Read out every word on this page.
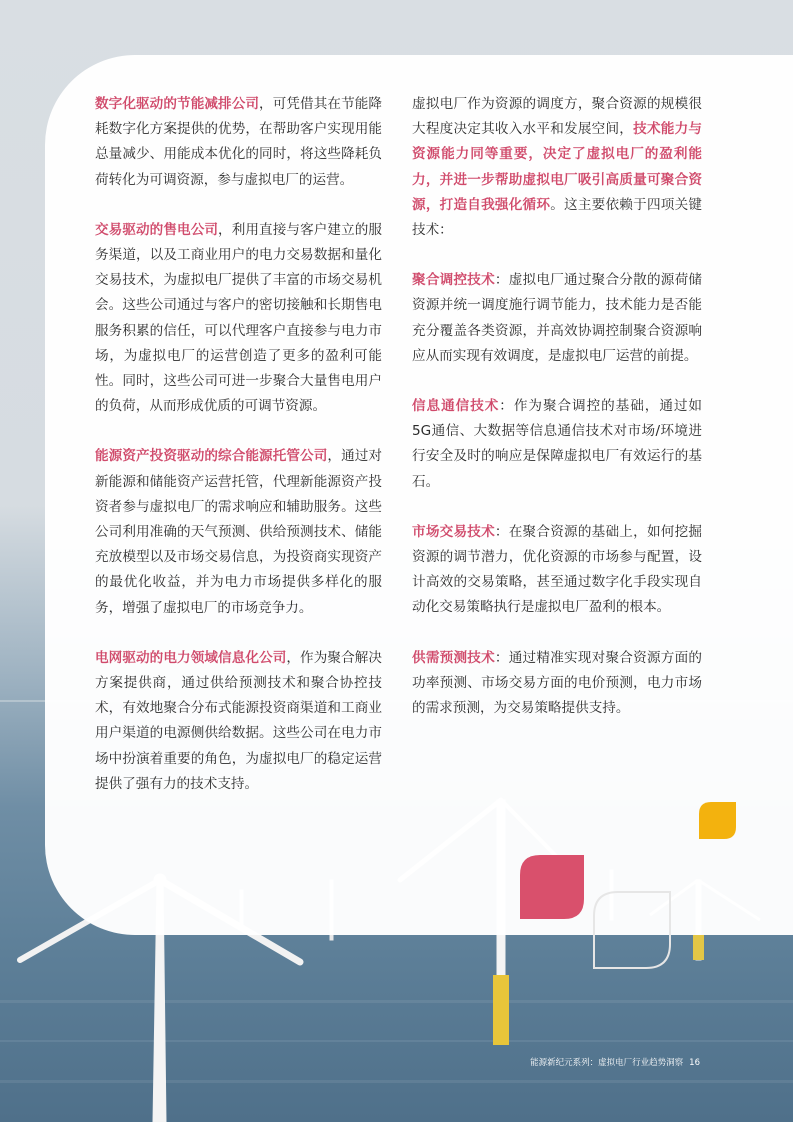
数字化驱动的节能减排公司，可凭借其在节能降耗数字化方案提供的优势，在帮助客户实现用能总量减少、用能成本优化的同时，将这些降耗负荷转化为可调资源，参与虚拟电厂的运营。

交易驱动的售电公司，利用直接与客户建立的服务渠道，以及工商业用户的电力交易数据和量化交易技术，为虚拟电厂提供了丰富的市场交易机会。这些公司通过与客户的密切接触和长期售电服务积累的信任，可以代理客户直接参与电力市场，为虚拟电厂的运营创造了更多的盈利可能性。同时，这些公司可进一步聚合大量售电用户的负荷，从而形成优质的可调节资源。

能源资产投资驱动的综合能源托管公司，通过对新能源和储能资产运营托管，代理新能源资产投资者参与虚拟电厂的需求响应和辅助服务。这些公司利用准确的天气预测、供给预测技术、储能充放模型以及市场交易信息，为投资商实现资产的最优化收益，并为电力市场提供多样化的服务，增强了虚拟电厂的市场竞争力。

电网驱动的电力领域信息化公司，作为聚合解决方案提供商，通过供给预测技术和聚合协控技术，有效地聚合分布式能源投资商渠道和工商业用户渠道的电源侧供给数据。这些公司在电力市场中扮演着重要的角色，为虚拟电厂的稳定运营提供了强有力的技术支持。

虚拟电厂作为资源的调度方，聚合资源的规模很大程度决定其收入水平和发展空间，技术能力与资源能力同等重要，决定了虚拟电厂的盈利能力，并进一步帮助虚拟电厂吸引高质量可聚合资源，打造自我强化循环。这主要依赖于四项关键技术：

聚合调控技术：虚拟电厂通过聚合分散的源荷储资源并统一调度施行调节能力，技术能力是否能充分覆盖各类资源，并高效协调控制聚合资源响应从而实现有效调度，是虚拟电厂运营的前提。

信息通信技术：作为聚合调控的基础，通过如5G通信、大数据等信息通信技术对市场/环境进行安全及时的响应是保障虚拟电厂有效运行的基石。

市场交易技术：在聚合资源的基础上，如何挖掘资源的调节潜力，优化资源的市场参与配置，设计高效的交易策略，甚至通过数字化手段实现自动化交易策略执行是虚拟电厂盈利的根本。

供需预测技术：通过精准实现对聚合资源方面的功率预测、市场交易方面的电价预测，电力市场的需求预测，为交易策略提供支持。

能源新纪元系列：虚拟电厂行业趋势洞察 16
